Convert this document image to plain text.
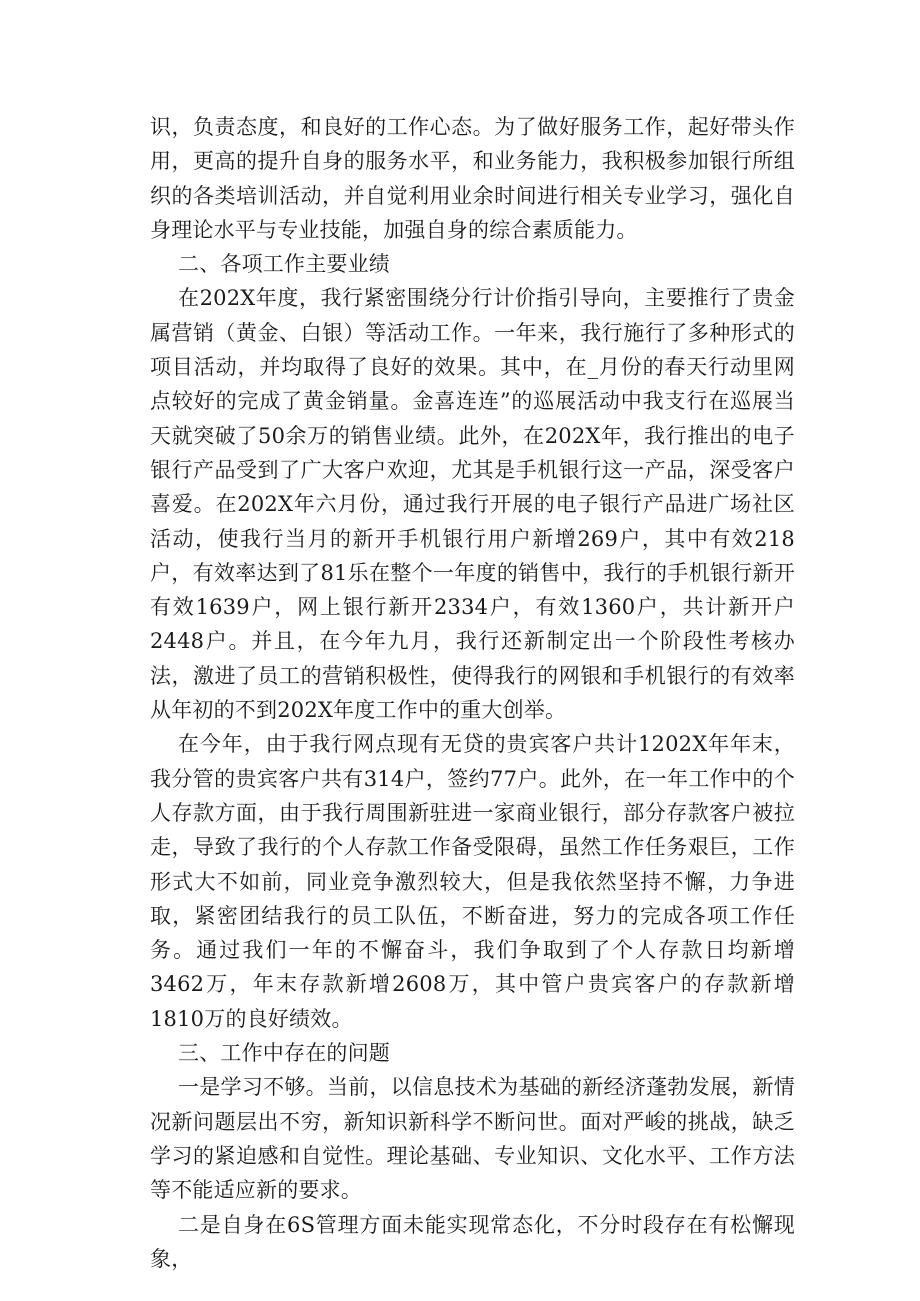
识，负责态度，和良好的工作心态。为了做好服务工作，起好带头作用，更高的提升自身的服务水平，和业务能力，我积极参加银行所组织的各类培训活动，并自觉利用业余时间进行相关专业学习，强化自身理论水平与专业技能，加强自身的综合素质能力。

二、各项工作主要业绩

在202X年度，我行紧密围绕分行计价指引导向，主要推行了贵金属营销（黄金、白银）等活动工作。一年来，我行施行了多种形式的项目活动，并均取得了良好的效果。其中，在_月份的春天行动里网点较好的完成了黄金销量。金喜连连”的巡展活动中我支行在巡展当天就突破了50余万的销售业绩。此外，在202X年，我行推出的电子银行产品受到了广大客户欢迎，尤其是手机银行这一产品，深受客户喜爱。在202X年六月份，通过我行开展的电子银行产品进广场社区活动，使我行当月的新开手机银行用户新增269户，其中有效218户，有效率达到了81乐在整个一年度的销售中，我行的手机银行新开有效1639户，网上银行新开2334户，有效1360户，共计新开户2448户。并且，在今年九月，我行还新制定出一个阶段性考核办法，激进了员工的营销积极性，使得我行的网银和手机银行的有效率从年初的不到202X年度工作中的重大创举。

在今年，由于我行网点现有无贷的贵宾客户共计1202X年年末，我分管的贵宾客户共有314户，签约77户。此外，在一年工作中的个人存款方面，由于我行周围新驻进一家商业银行，部分存款客户被拉走，导致了我行的个人存款工作备受限碍，虽然工作任务艰巨，工作形式大不如前，同业竞争激烈较大，但是我依然坚持不懈，力争进取，紧密团结我行的员工队伍，不断奋进，努力的完成各项工作任务。通过我们一年的不懈奋斗，我们争取到了个人存款日均新增3462万，年末存款新增2608万，其中管户贵宾客户的存款新增1810万的良好绩效。

三、工作中存在的问题

一是学习不够。当前，以信息技术为基础的新经济蓬勃发展，新情况新问题层出不穷，新知识新科学不断问世。面对严峻的挑战，缺乏学习的紧迫感和自觉性。理论基础、专业知识、文化水平、工作方法等不能适应新的要求。

二是自身在6S管理方面未能实现常态化，不分时段存在有松懈现象，
